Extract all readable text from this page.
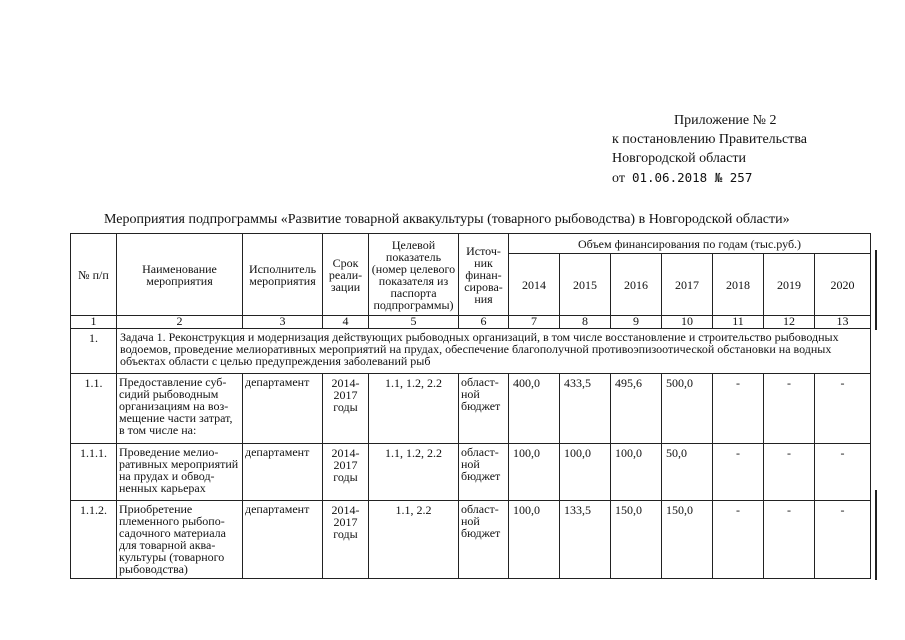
Приложение № 2
к постановлению Правительства
Новгородской области
от 01.06.2018 № 257
Мероприятия подпрограммы «Развитие товарной аквакультуры (товарного рыбоводства) в Новгородской области»
№ п/п	Наименование мероприятия	Исполнитель мероприятия	Срок реали-зации	Целевой показатель (номер целевого показателя из паспорта подпрограммы)	Источ-ник финан-сирова-ния	Объем финансирования по годам (тыс.руб.)						
						2014	2015	2016	2017	2018	2019	2020
1	2	3	4	5	6	7	8	9	10	11	12	13
1.	Задача 1. Реконструкция и модернизация действующих рыбоводных организаций, в том числе восстановление и строительство рыбоводных водоемов, проведение мелиоративных мероприятий на прудах, обеспечение благополучной противоэпизоотической обстановки на водных объектах области с целью предупреждения заболеваний рыб											
1.1.	Предоставление суб-сидий рыбоводным организациям на воз-мещение части затрат, в том числе на:	департамент	2014-2017 годы	1.1, 1.2, 2.2	област-ной бюджет	400,0	433,5	495,6	500,0	-	-	-
1.1.1.	Проведение мелио-ративных мероприятий на прудах и обвод-ненных карьерах	департамент	2014-2017 годы	1.1, 1.2, 2.2	област-ной бюджет	100,0	100,0	100,0	50,0	-	-	-
1.1.2.	Приобретение племенного рыбопо-садочного материала для товарной аква-культуры (товарного рыбоводства)	департамент	2014-2017 годы	1.1, 2.2	област-ной бюджет	100,0	133,5	150,0	150,0	-	-	-
